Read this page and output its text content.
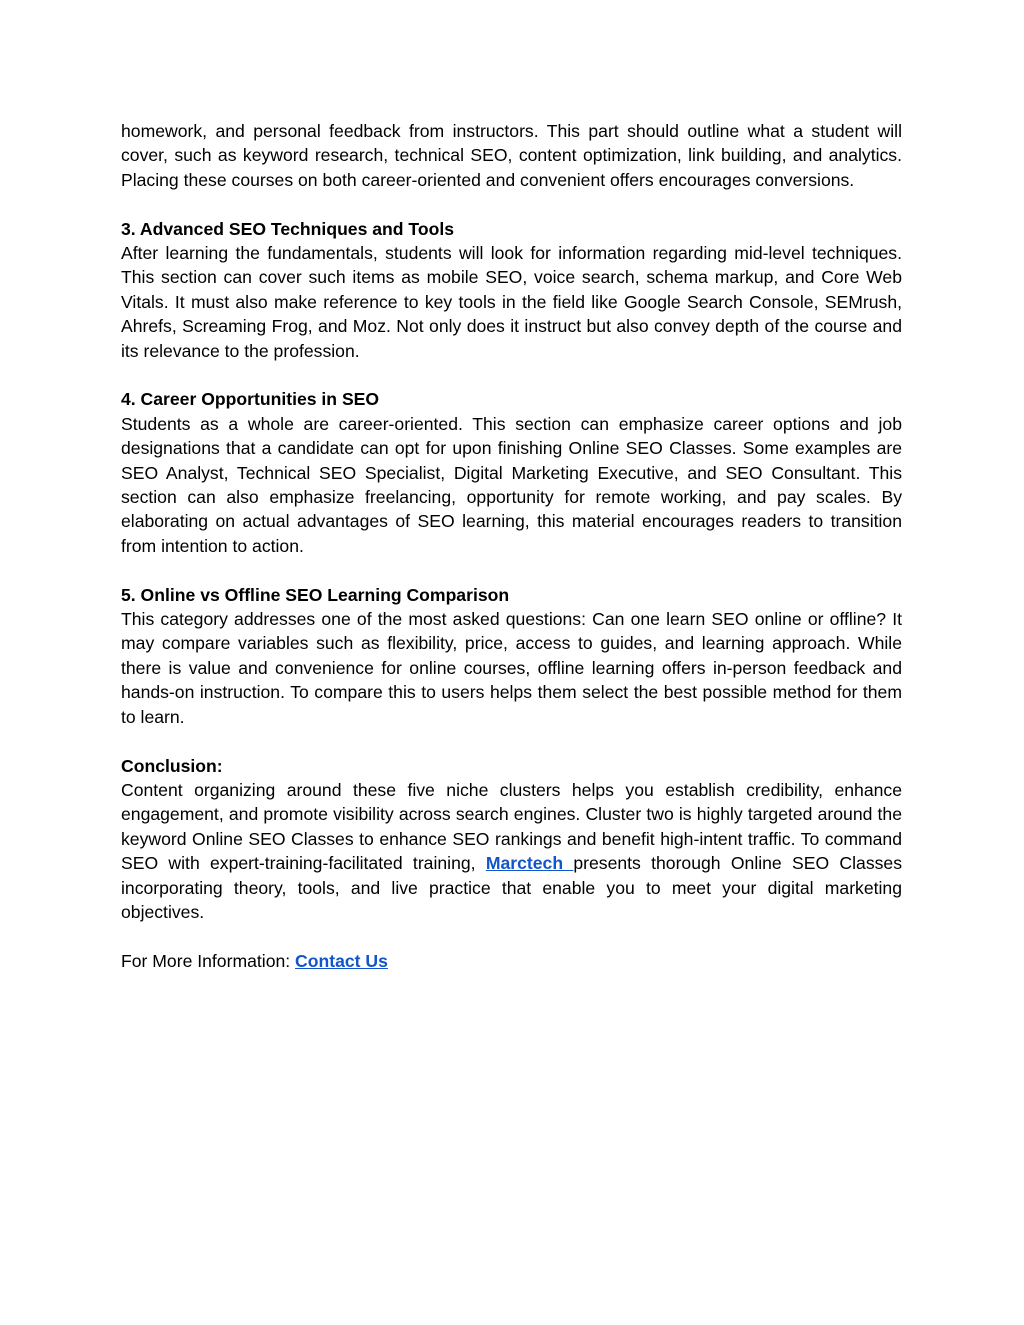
homework, and personal feedback from instructors. This part should outline what a student will cover, such as keyword research, technical SEO, content optimization, link building, and analytics. Placing these courses on both career-oriented and convenient offers encourages conversions.

3. Advanced SEO Techniques and Tools

After learning the fundamentals, students will look for information regarding mid-level techniques. This section can cover such items as mobile SEO, voice search, schema markup, and Core Web Vitals. It must also make reference to key tools in the field like Google Search Console, SEMrush, Ahrefs, Screaming Frog, and Moz. Not only does it instruct but also convey depth of the course and its relevance to the profession.

4. Career Opportunities in SEO

Students as a whole are career-oriented. This section can emphasize career options and job designations that a candidate can opt for upon finishing Online SEO Classes. Some examples are SEO Analyst, Technical SEO Specialist, Digital Marketing Executive, and SEO Consultant. This section can also emphasize freelancing, opportunity for remote working, and pay scales. By elaborating on actual advantages of SEO learning, this material encourages readers to transition from intention to action.

5. Online vs Offline SEO Learning Comparison

This category addresses one of the most asked questions: Can one learn SEO online or offline? It may compare variables such as flexibility, price, access to guides, and learning approach. While there is value and convenience for online courses, offline learning offers in-person feedback and hands-on instruction. To compare this to users helps them select the best possible method for them to learn.

Conclusion:

Content organizing around these five niche clusters helps you establish credibility, enhance engagement, and promote visibility across search engines. Cluster two is highly targeted around the keyword Online SEO Classes to enhance SEO rankings and benefit high-intent traffic. To command SEO with expert-training-facilitated training, Marctech presents thorough Online SEO Classes incorporating theory, tools, and live practice that enable you to meet your digital marketing objectives.

For More Information: Contact Us
